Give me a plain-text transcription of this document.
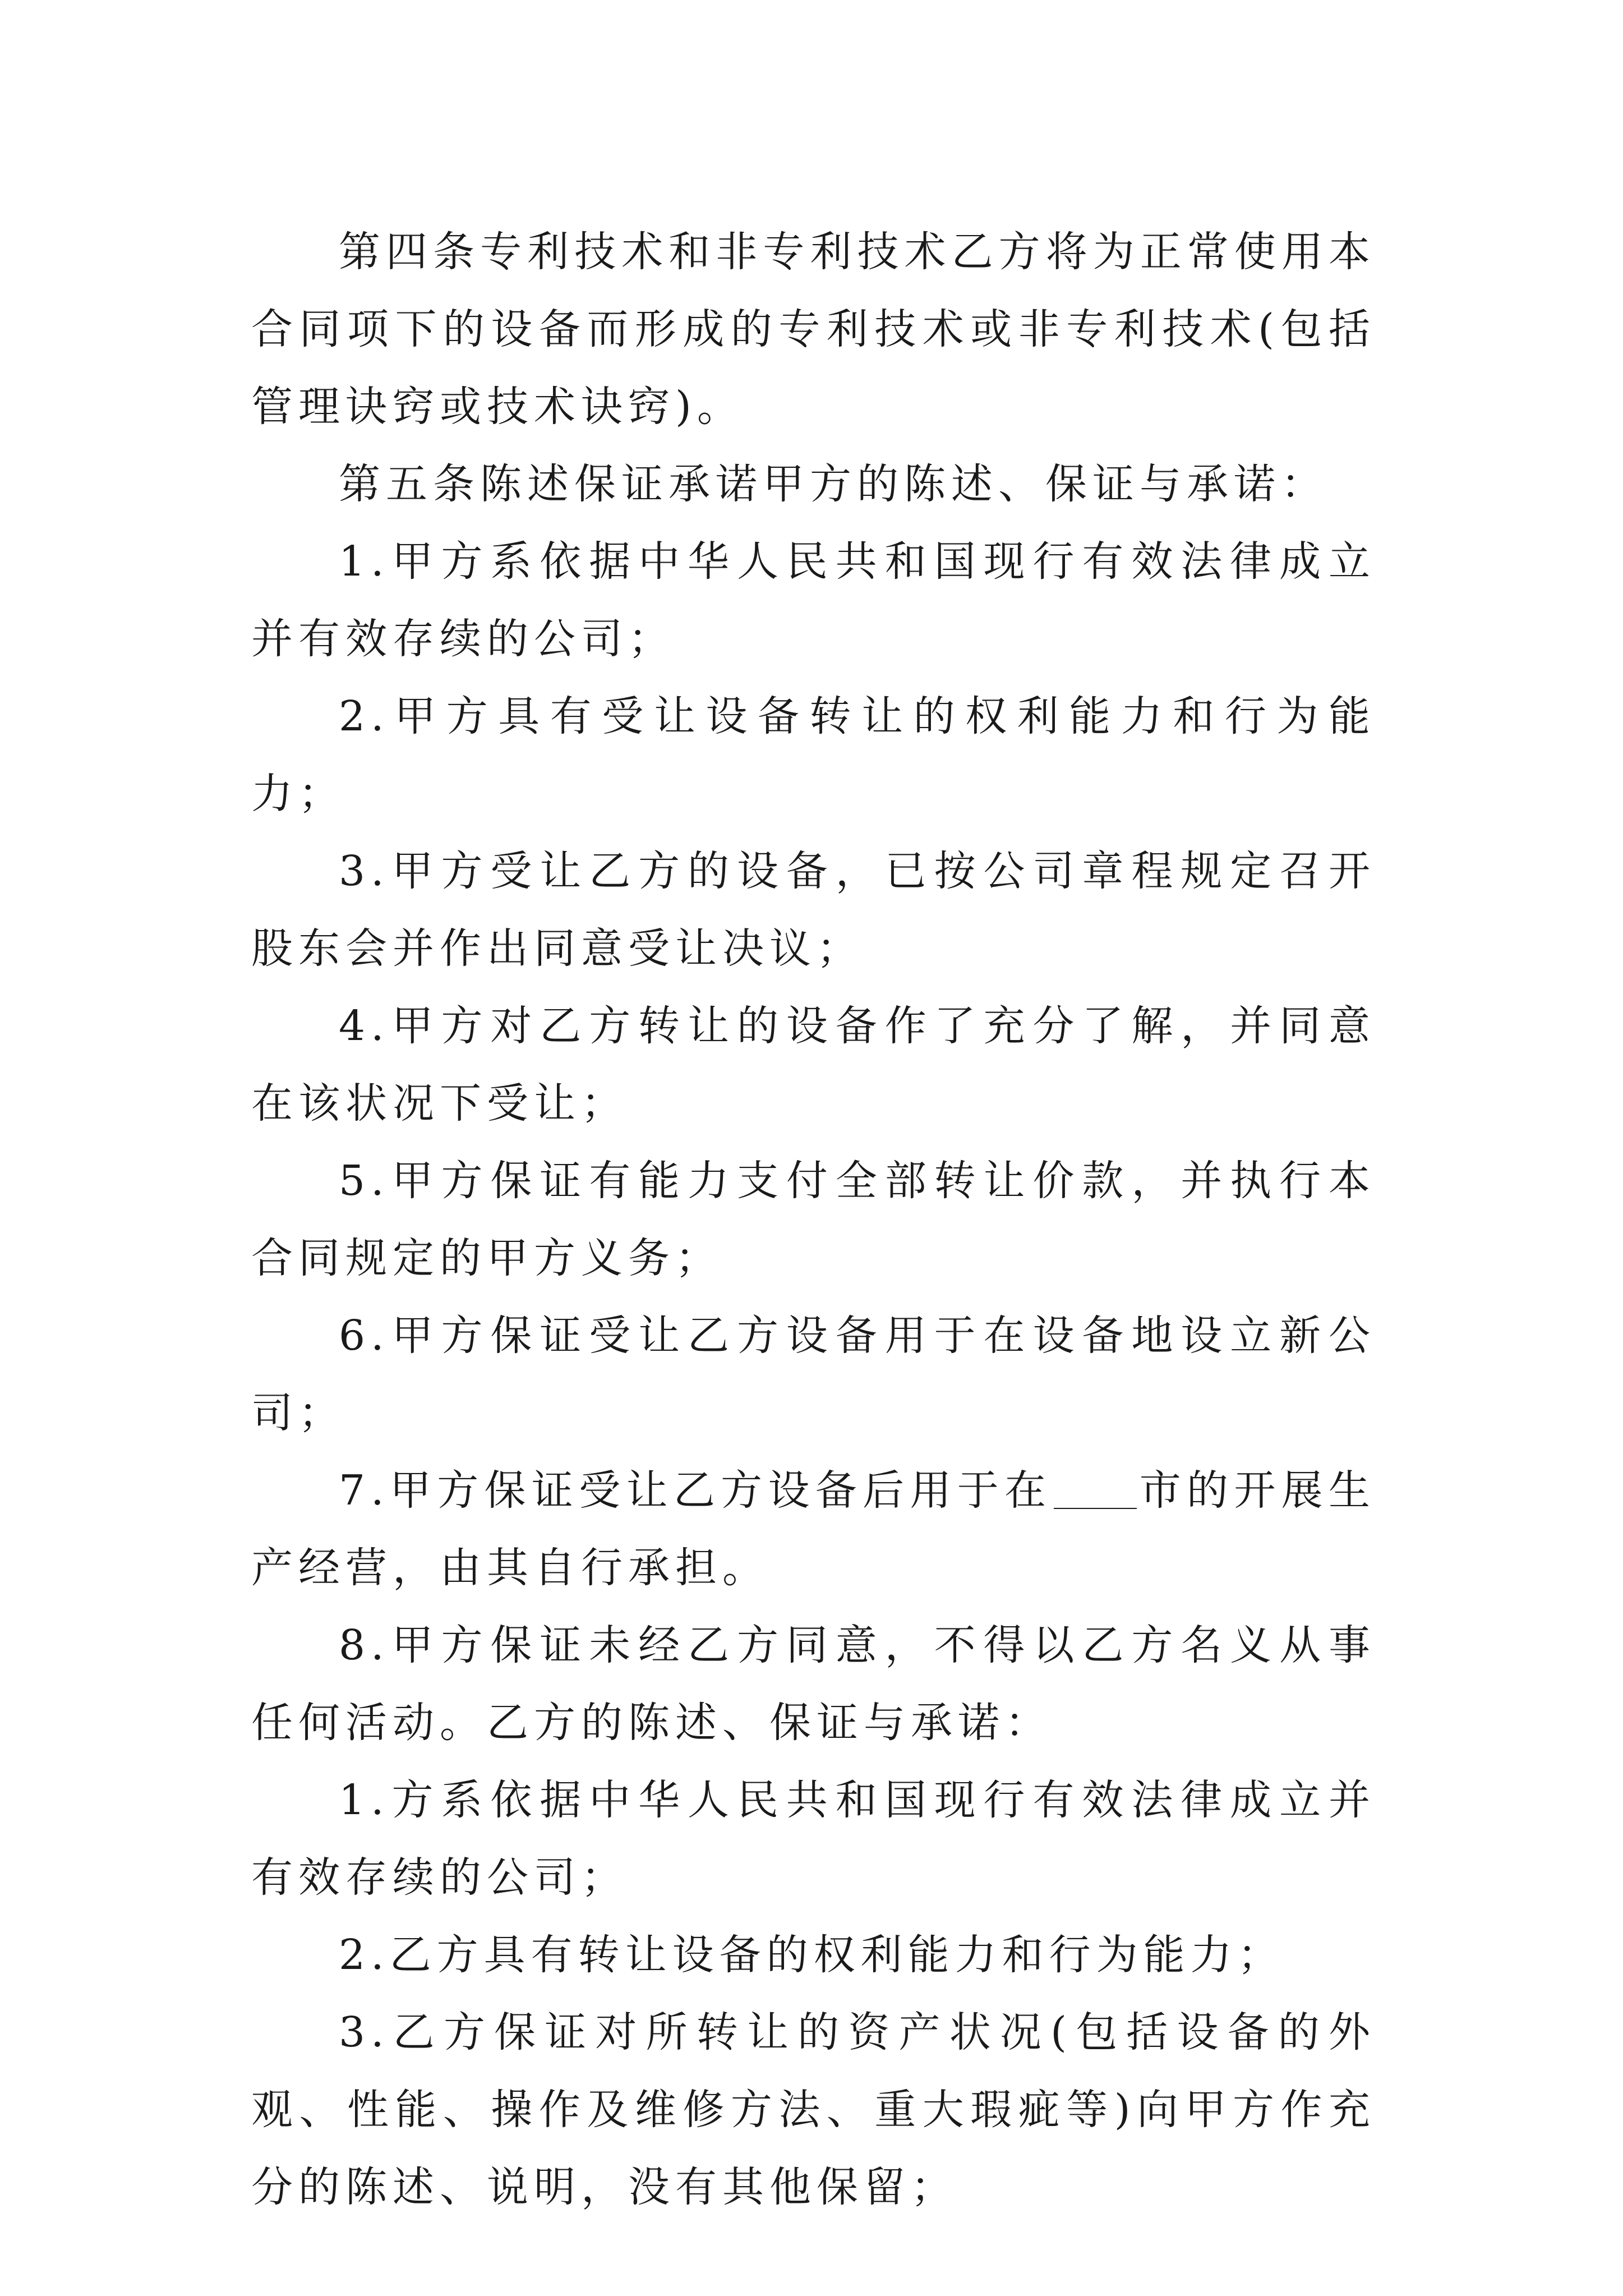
第四条专利技术和非专利技术乙方将为正常使用本合同项下的设备而形成的专利技术或非专利技术(包括管理诀窍或技术诀窍)。

第五条陈述保证承诺甲方的陈述、保证与承诺：

1.甲方系依据中华人民共和国现行有效法律成立并有效存续的公司；

2.甲方具有受让设备转让的权利能力和行为能力；

3.甲方受让乙方的设备，已按公司章程规定召开股东会并作出同意受让决议；

4.甲方对乙方转让的设备作了充分了解，并同意在该状况下受让；

5.甲方保证有能力支付全部转让价款，并执行本合同规定的甲方义务；

6.甲方保证受让乙方设备用于在设备地设立新公司；

7.甲方保证受让乙方设备后用于在 市的开展生产经营，由其自行承担。

8.甲方保证未经乙方同意，不得以乙方名义从事任何活动。乙方的陈述、保证与承诺：

1.方系依据中华人民共和国现行有效法律成立并有效存续的公司；

2.乙方具有转让设备的权利能力和行为能力；

3.乙方保证对所转让的资产状况(包括设备的外观、性能、操作及维修方法、重大瑕疵等)向甲方作充分的陈述、说明，没有其他保留；
